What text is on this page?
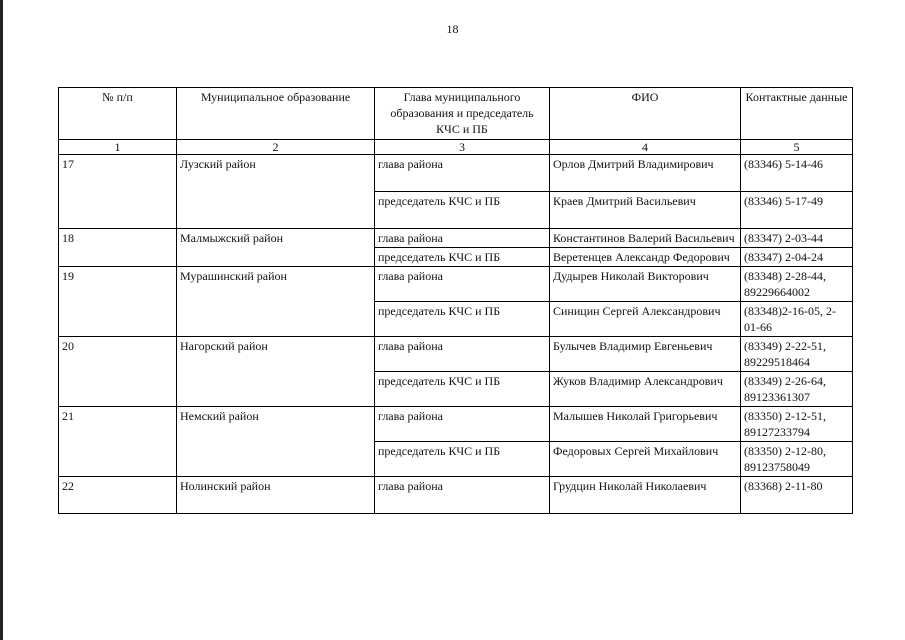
18
№ п/п	Муниципальное образование	Глава муниципального образования и председатель КЧС и ПБ	ФИО	Контактные данные
1	2	3	4	5
17	Лузский район	глава района	Орлов Дмитрий Владимирович	(83346) 5-14-46
		председатель КЧС и ПБ	Краев Дмитрий Васильевич	(83346) 5-17-49
18	Малмыжский район	глава района	Константинов Валерий Васильевич	(83347) 2-03-44
		председатель КЧС и ПБ	Веретенцев Александр Федорович	(83347) 2-04-24
19	Мурашинский район	глава района	Дудырев Николай Викторович	(83348) 2-28-44, 89229664002
		председатель КЧС и ПБ	Синицин Сергей Александрович	(83348)2-16-05, 2-01-66
20	Нагорский район	глава района	Булычев Владимир Евгеньевич	(83349) 2-22-51, 89229518464
		председатель КЧС и ПБ	Жуков Владимир Александрович	(83349) 2-26-64, 89123361307
21	Немский район	глава района	Малышев Николай Григорьевич	(83350) 2-12-51, 89127233794
		председатель КЧС и ПБ	Федоровых Сергей Михайлович	(83350) 2-12-80, 89123758049
22	Нолинский район	глава района	Грудцин Николай Николаевич	(83368) 2-11-80
